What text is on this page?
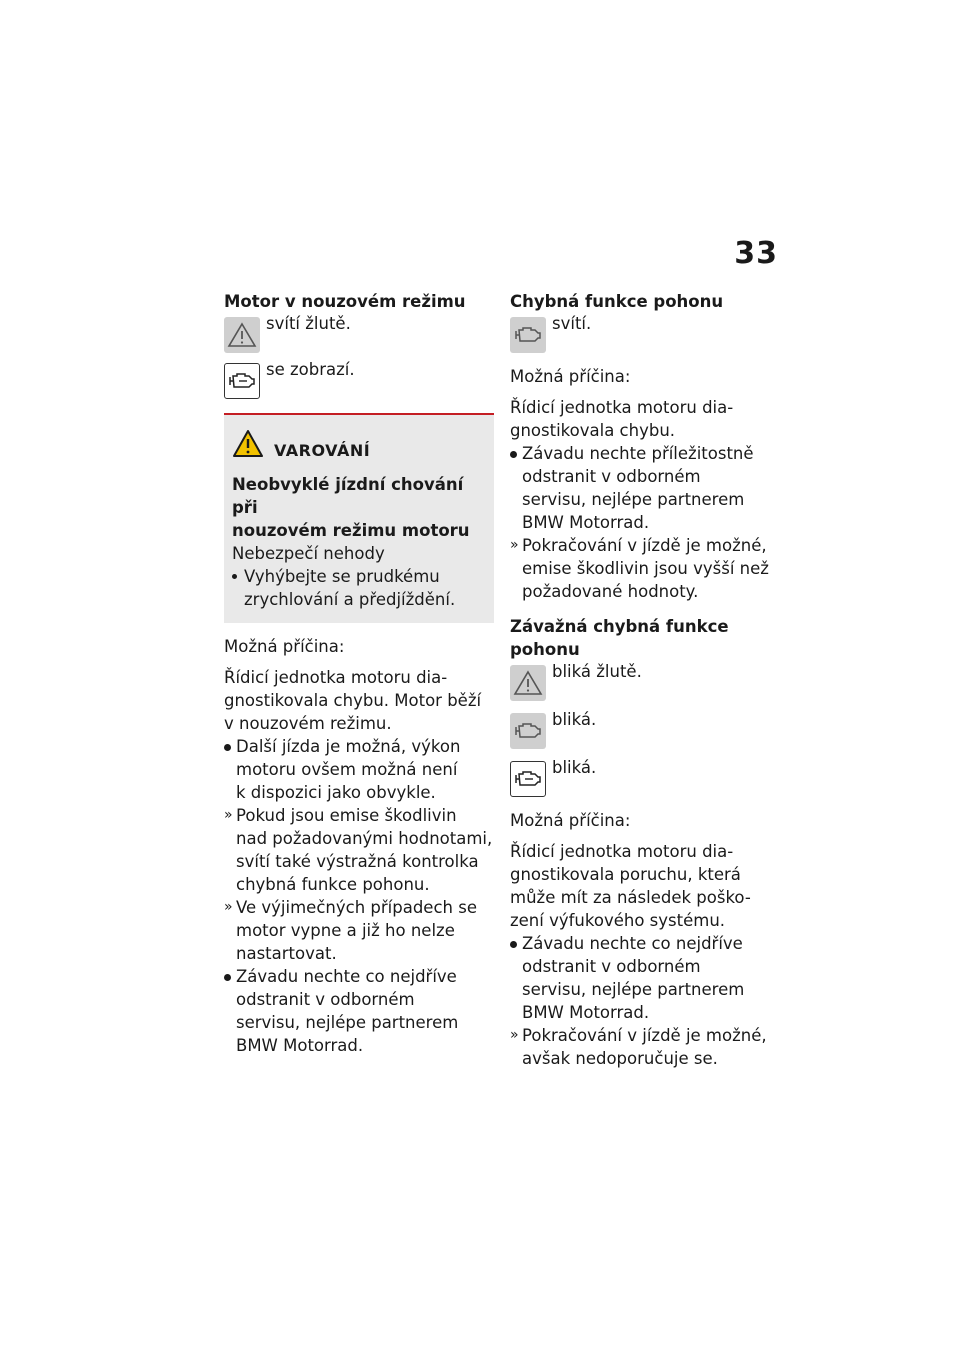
33

Motor v nouzovém režimu

svítí žlutě.
se zobrazí.
VAROVÁNÍ

Neobvyklé jízdní chování při

nouzovém režimu motoru

Nebezpečí nehody

Vyhýbejte se prudkému
zrychlování a předjíždění.

Možná příčina:

Řídicí jednotka motoru dia-

gnostikovala chybu. Motor běží

v nouzovém režimu.

Další jízda je možná, výkon
motoru ovšem možná není
k dispozici jako obvykle.
» Pokud jsou emise škodlivin
nad požadovanými hodnotami,
svítí také výstražná kontrolka
chybná funkce pohonu.
» Ve výjimečných případech se
motor vypne a již ho nelze
nastartovat.
Závadu nechte co nejdříve
odstranit v odborném
servisu, nejlépe partnerem
BMW Motorrad.

Chybná funkce pohonu

svítí.

Možná příčina:

Řídicí jednotka motoru dia-

gnostikovala chybu.

Závadu nechte příležitostně
odstranit v odborném
servisu, nejlépe partnerem
BMW Motorrad.
» Pokračování v jízdě je možné,
emise škodlivin jsou vyšší než
požadované hodnoty.

Závažná chybná funkce

pohonu

bliká žlutě.
bliká.
bliká.

Možná příčina:

Řídicí jednotka motoru dia-

gnostikovala poruchu, která

může mít za následek poško-

zení výfukového systému.

Závadu nechte co nejdříve
odstranit v odborném
servisu, nejlépe partnerem
BMW Motorrad.
» Pokračování v jízdě je možné,
avšak nedoporučuje se.
